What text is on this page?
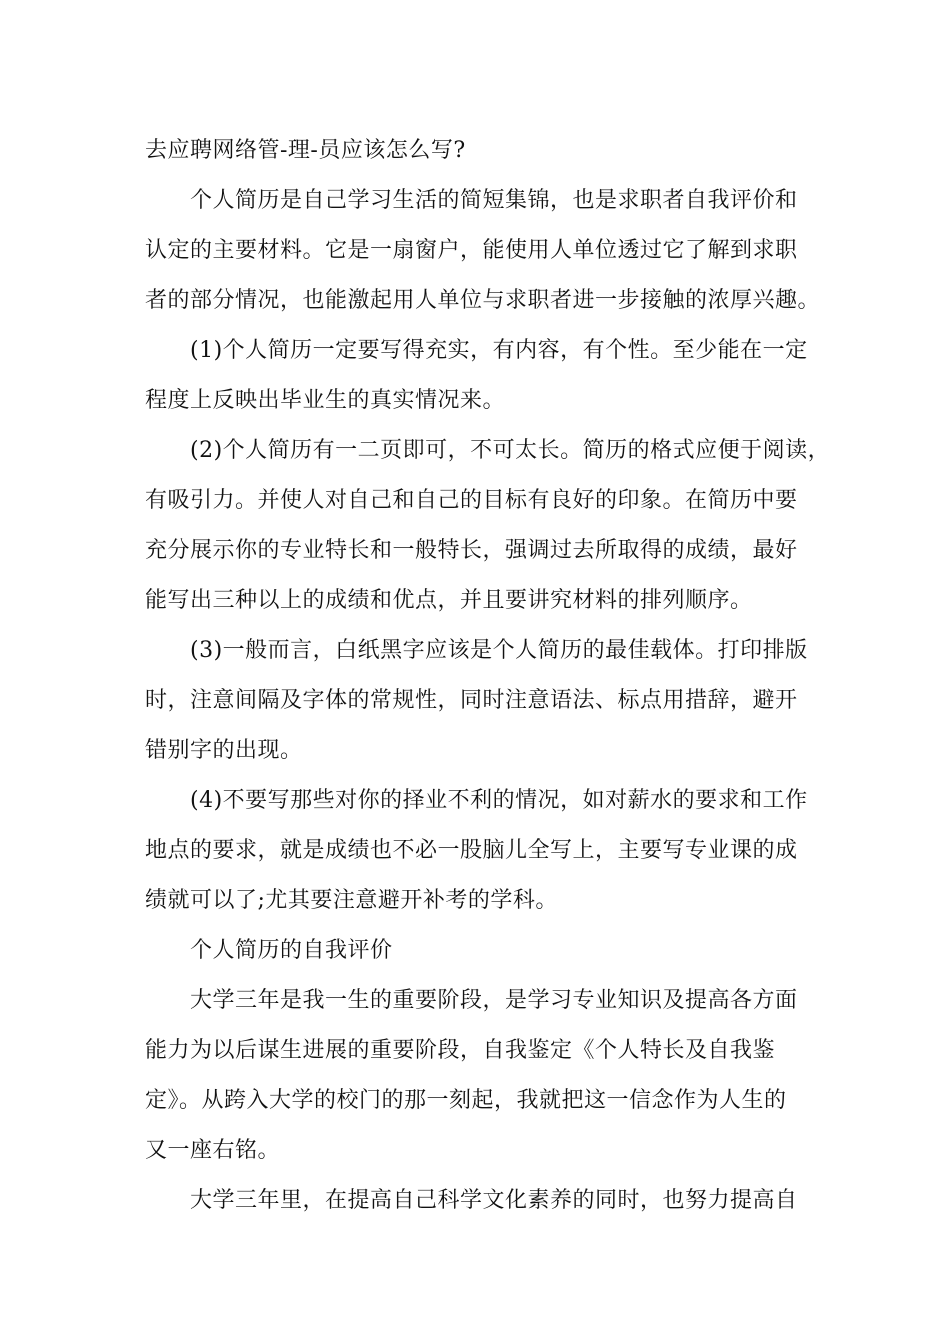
去应聘网络管-理-员应该怎么写?

个人简历是自己学习生活的简短集锦，也是求职者自我评价和

认定的主要材料。它是一扇窗户，能使用人单位透过它了解到求职

者的部分情况，也能激起用人单位与求职者进一步接触的浓厚兴趣。

(1)个人简历一定要写得充实，有内容，有个性。至少能在一定

程度上反映出毕业生的真实情况来。

(2)个人简历有一二页即可，不可太长。简历的格式应便于阅读，

有吸引力。并使人对自己和自己的目标有良好的印象。在简历中要

充分展示你的专业特长和一般特长，强调过去所取得的成绩，最好

能写出三种以上的成绩和优点，并且要讲究材料的排列顺序。

(3)一般而言，白纸黑字应该是个人简历的最佳载体。打印排版

时，注意间隔及字体的常规性，同时注意语法、标点用措辞，避开

错别字的出现。

(4)不要写那些对你的择业不利的情况，如对薪水的要求和工作

地点的要求，就是成绩也不必一股脑儿全写上，主要写专业课的成

绩就可以了;尤其要注意避开补考的学科。

个人简历的自我评价

大学三年是我一生的重要阶段，是学习专业知识及提高各方面

能力为以后谋生进展的重要阶段，自我鉴定《个人特长及自我鉴

定》。从跨入大学的校门的那一刻起，我就把这一信念作为人生的

又一座右铭。

大学三年里，在提高自己科学文化素养的同时，也努力提高自
